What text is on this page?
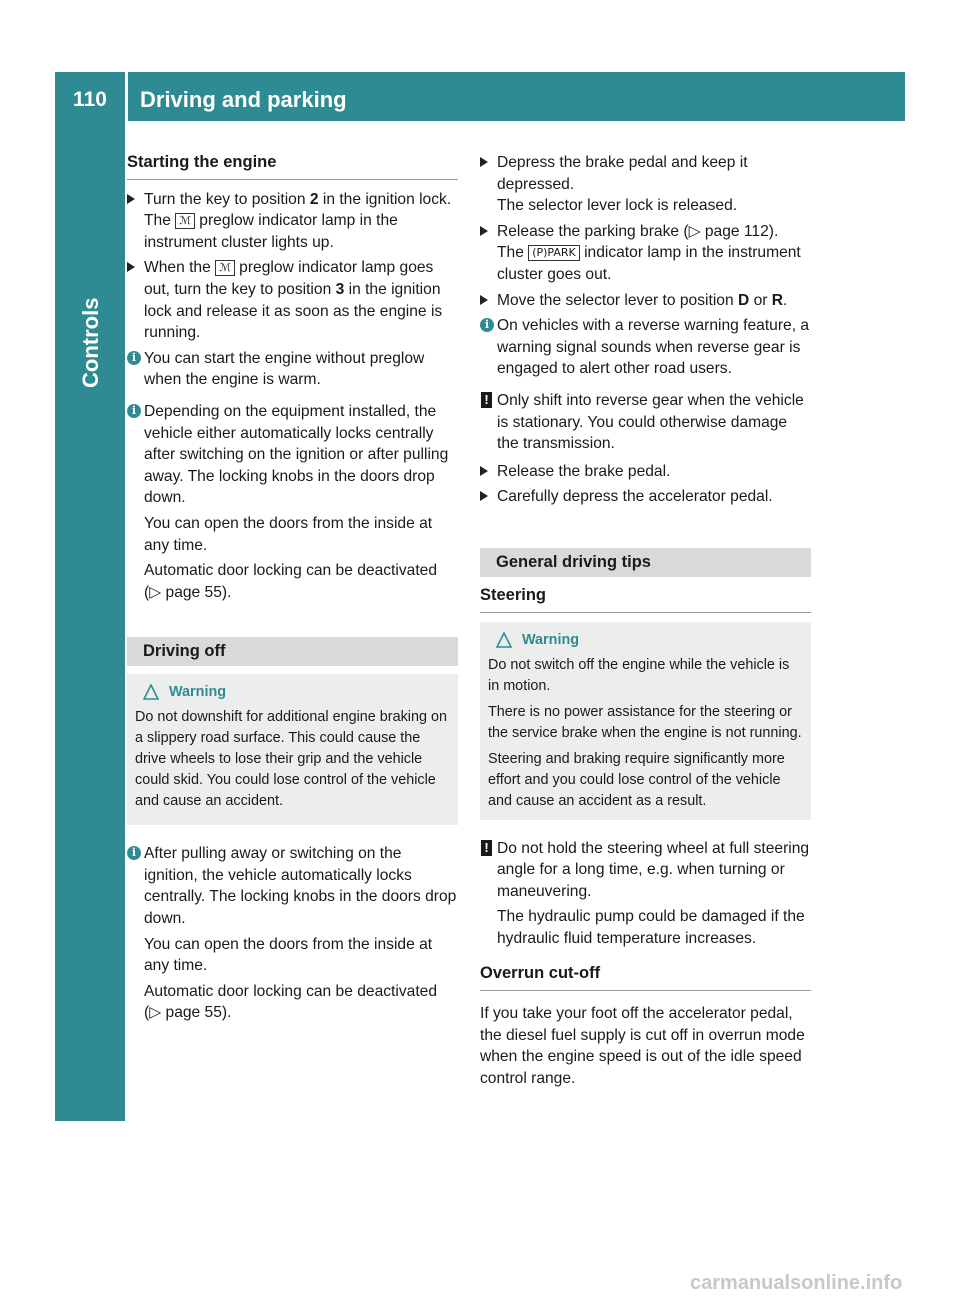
110	Driving and parking
Controls
Starting the engine
Turn the key to position 2 in the ignition lock.
The ℳ preglow indicator lamp in the instrument cluster lights up.
When the ℳ preglow indicator lamp goes out, turn the key to position 3 in the ignition lock and release it as soon as the engine is running.
i You can start the engine without preglow when the engine is warm.
i Depending on the equipment installed, the vehicle either automatically locks centrally after switching on the ignition or after pulling away. The locking knobs in the doors drop down.
You can open the doors from the inside at any time.
Automatic door locking can be deactivated (▷ page 55).
Driving off
Warning

Do not downshift for additional engine braking on a slippery road surface. This could cause the drive wheels to lose their grip and the vehicle could skid. You could lose control of the vehicle and cause an accident.

i After pulling away or switching on the ignition, the vehicle automatically locks centrally. The locking knobs in the doors drop down.
You can open the doors from the inside at any time.
Automatic door locking can be deactivated (▷ page 55).
Depress the brake pedal and keep it depressed.
The selector lever lock is released.
Release the parking brake (▷ page 112).
The (P)PARK indicator lamp in the instrument cluster goes out.
Move the selector lever to position D or R.
i On vehicles with a reverse warning feature, a warning signal sounds when reverse gear is engaged to alert other road users.
! Only shift into reverse gear when the vehicle is stationary. You could otherwise damage the transmission.
Release the brake pedal.
Carefully depress the accelerator pedal.
General driving tips
Steering
Warning

Do not switch off the engine while the vehicle is in motion.

There is no power assistance for the steering or the service brake when the engine is not running.

Steering and braking require significantly more effort and you could lose control of the vehicle and cause an accident as a result.

! Do not hold the steering wheel at full steering angle for a long time, e.g. when turning or maneuvering.
The hydraulic pump could be damaged if the hydraulic fluid temperature increases.
Overrun cut-off

If you take your foot off the accelerator pedal, the diesel fuel supply is cut off in overrun mode when the engine speed is out of the idle speed control range.

carmanualsonline.info
